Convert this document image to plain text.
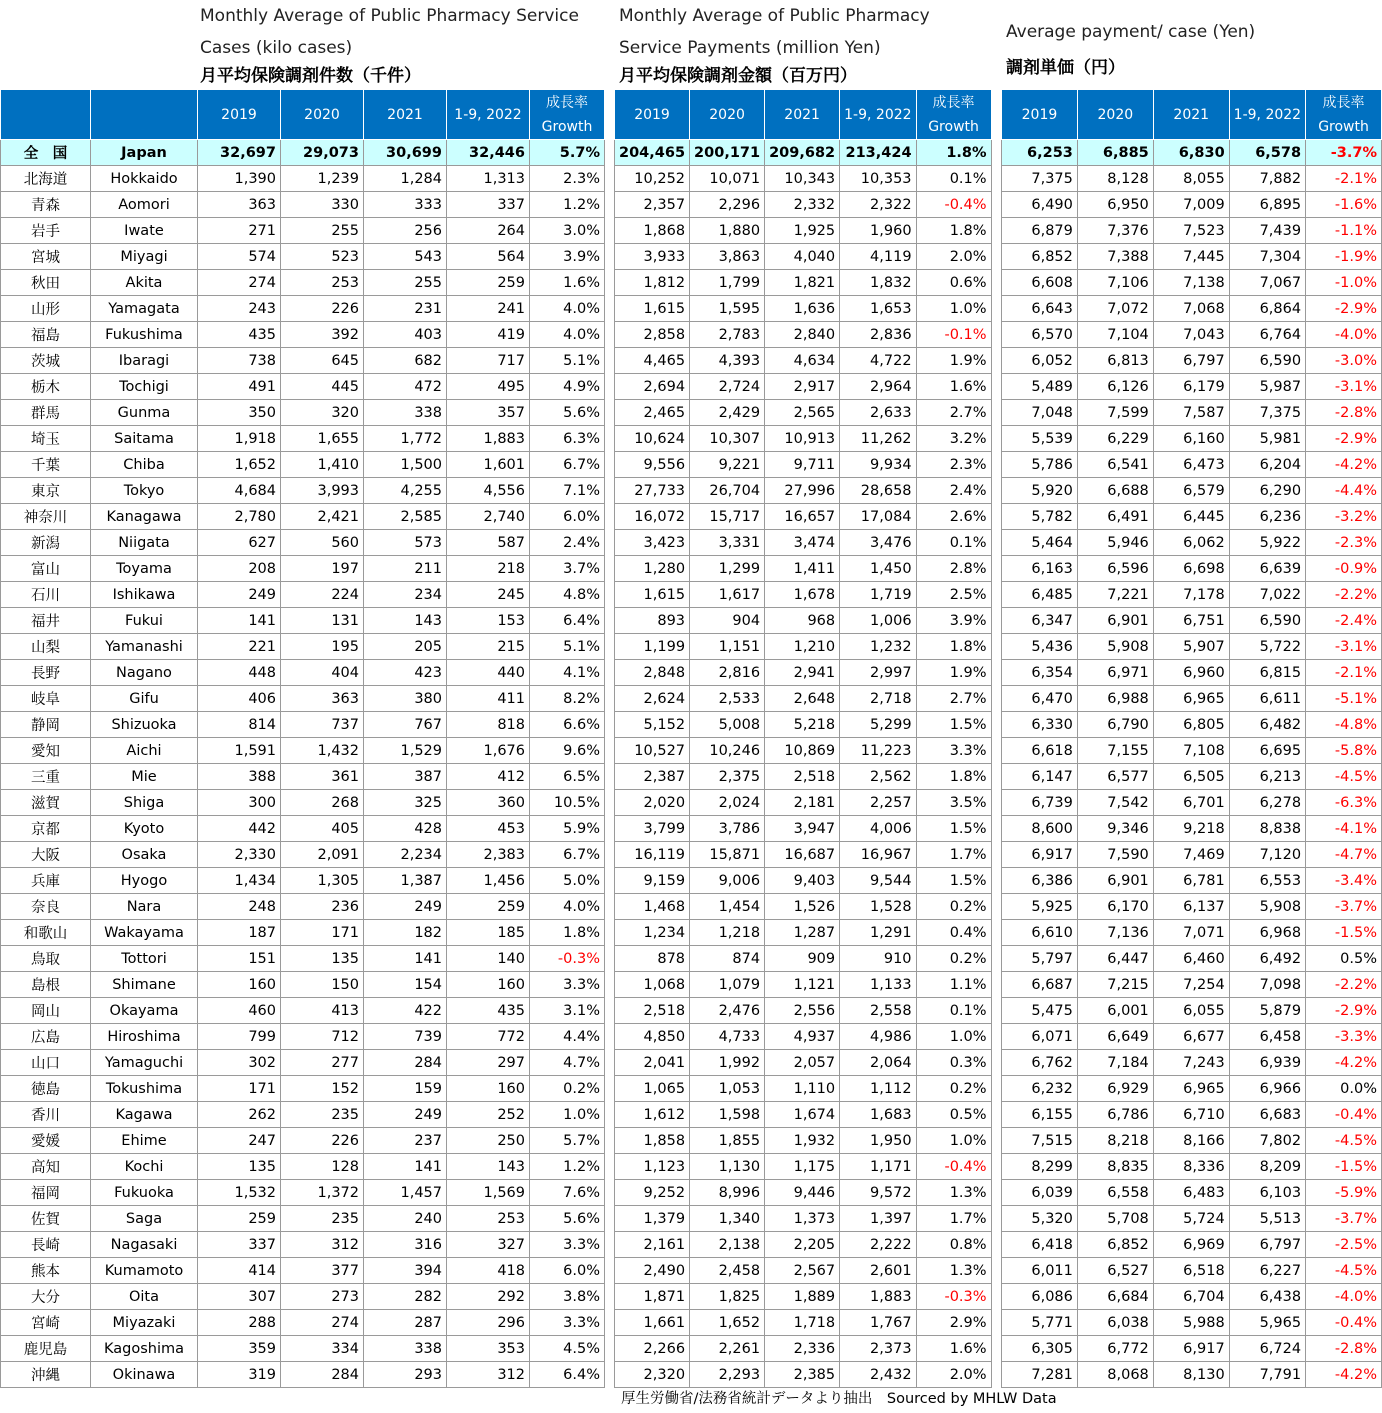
Monthly Average of Public Pharmacy Service Cases (kilo cases)
月平均保険調剤件数（千件）
Monthly Average of Public Pharmacy Service Payments (million Yen)
月平均保険調剤金額（百万円）
Average payment/ case (Yen)
調剤単価（円）
		2019	2020	2021	1-9, 2022	成長率
Growth
全　国	Japan	32,697	29,073	30,699	32,446	5.7%
北海道	Hokkaido	1,390	1,239	1,284	1,313	2.3%
青森	Aomori	363	330	333	337	1.2%
岩手	Iwate	271	255	256	264	3.0%
宮城	Miyagi	574	523	543	564	3.9%
秋田	Akita	274	253	255	259	1.6%
山形	Yamagata	243	226	231	241	4.0%
福島	Fukushima	435	392	403	419	4.0%
茨城	Ibaragi	738	645	682	717	5.1%
栃木	Tochigi	491	445	472	495	4.9%
群馬	Gunma	350	320	338	357	5.6%
埼玉	Saitama	1,918	1,655	1,772	1,883	6.3%
千葉	Chiba	1,652	1,410	1,500	1,601	6.7%
東京	Tokyo	4,684	3,993	4,255	4,556	7.1%
神奈川	Kanagawa	2,780	2,421	2,585	2,740	6.0%
新潟	Niigata	627	560	573	587	2.4%
富山	Toyama	208	197	211	218	3.7%
石川	Ishikawa	249	224	234	245	4.8%
福井	Fukui	141	131	143	153	6.4%
山梨	Yamanashi	221	195	205	215	5.1%
長野	Nagano	448	404	423	440	4.1%
岐阜	Gifu	406	363	380	411	8.2%
静岡	Shizuoka	814	737	767	818	6.6%
愛知	Aichi	1,591	1,432	1,529	1,676	9.6%
三重	Mie	388	361	387	412	6.5%
滋賀	Shiga	300	268	325	360	10.5%
京都	Kyoto	442	405	428	453	5.9%
大阪	Osaka	2,330	2,091	2,234	2,383	6.7%
兵庫	Hyogo	1,434	1,305	1,387	1,456	5.0%
奈良	Nara	248	236	249	259	4.0%
和歌山	Wakayama	187	171	182	185	1.8%
鳥取	Tottori	151	135	141	140	-0.3%
島根	Shimane	160	150	154	160	3.3%
岡山	Okayama	460	413	422	435	3.1%
広島	Hiroshima	799	712	739	772	4.4%
山口	Yamaguchi	302	277	284	297	4.7%
徳島	Tokushima	171	152	159	160	0.2%
香川	Kagawa	262	235	249	252	1.0%
愛媛	Ehime	247	226	237	250	5.7%
高知	Kochi	135	128	141	143	1.2%
福岡	Fukuoka	1,532	1,372	1,457	1,569	7.6%
佐賀	Saga	259	235	240	253	5.6%
長崎	Nagasaki	337	312	316	327	3.3%
熊本	Kumamoto	414	377	394	418	6.0%
大分	Oita	307	273	282	292	3.8%
宮崎	Miyazaki	288	274	287	296	3.3%
鹿児島	Kagoshima	359	334	338	353	4.5%
沖縄	Okinawa	319	284	293	312	6.4%
2019	2020	2021	1-9, 2022	成長率
Growth
204,465	200,171	209,682	213,424	1.8%
10,252	10,071	10,343	10,353	0.1%
2,357	2,296	2,332	2,322	-0.4%
1,868	1,880	1,925	1,960	1.8%
3,933	3,863	4,040	4,119	2.0%
1,812	1,799	1,821	1,832	0.6%
1,615	1,595	1,636	1,653	1.0%
2,858	2,783	2,840	2,836	-0.1%
4,465	4,393	4,634	4,722	1.9%
2,694	2,724	2,917	2,964	1.6%
2,465	2,429	2,565	2,633	2.7%
10,624	10,307	10,913	11,262	3.2%
9,556	9,221	9,711	9,934	2.3%
27,733	26,704	27,996	28,658	2.4%
16,072	15,717	16,657	17,084	2.6%
3,423	3,331	3,474	3,476	0.1%
1,280	1,299	1,411	1,450	2.8%
1,615	1,617	1,678	1,719	2.5%
893	904	968	1,006	3.9%
1,199	1,151	1,210	1,232	1.8%
2,848	2,816	2,941	2,997	1.9%
2,624	2,533	2,648	2,718	2.7%
5,152	5,008	5,218	5,299	1.5%
10,527	10,246	10,869	11,223	3.3%
2,387	2,375	2,518	2,562	1.8%
2,020	2,024	2,181	2,257	3.5%
3,799	3,786	3,947	4,006	1.5%
16,119	15,871	16,687	16,967	1.7%
9,159	9,006	9,403	9,544	1.5%
1,468	1,454	1,526	1,528	0.2%
1,234	1,218	1,287	1,291	0.4%
878	874	909	910	0.2%
1,068	1,079	1,121	1,133	1.1%
2,518	2,476	2,556	2,558	0.1%
4,850	4,733	4,937	4,986	1.0%
2,041	1,992	2,057	2,064	0.3%
1,065	1,053	1,110	1,112	0.2%
1,612	1,598	1,674	1,683	0.5%
1,858	1,855	1,932	1,950	1.0%
1,123	1,130	1,175	1,171	-0.4%
9,252	8,996	9,446	9,572	1.3%
1,379	1,340	1,373	1,397	1.7%
2,161	2,138	2,205	2,222	0.8%
2,490	2,458	2,567	2,601	1.3%
1,871	1,825	1,889	1,883	-0.3%
1,661	1,652	1,718	1,767	2.9%
2,266	2,261	2,336	2,373	1.6%
2,320	2,293	2,385	2,432	2.0%
2019	2020	2021	1-9, 2022	成長率
Growth
6,253	6,885	6,830	6,578	-3.7%
7,375	8,128	8,055	7,882	-2.1%
6,490	6,950	7,009	6,895	-1.6%
6,879	7,376	7,523	7,439	-1.1%
6,852	7,388	7,445	7,304	-1.9%
6,608	7,106	7,138	7,067	-1.0%
6,643	7,072	7,068	6,864	-2.9%
6,570	7,104	7,043	6,764	-4.0%
6,052	6,813	6,797	6,590	-3.0%
5,489	6,126	6,179	5,987	-3.1%
7,048	7,599	7,587	7,375	-2.8%
5,539	6,229	6,160	5,981	-2.9%
5,786	6,541	6,473	6,204	-4.2%
5,920	6,688	6,579	6,290	-4.4%
5,782	6,491	6,445	6,236	-3.2%
5,464	5,946	6,062	5,922	-2.3%
6,163	6,596	6,698	6,639	-0.9%
6,485	7,221	7,178	7,022	-2.2%
6,347	6,901	6,751	6,590	-2.4%
5,436	5,908	5,907	5,722	-3.1%
6,354	6,971	6,960	6,815	-2.1%
6,470	6,988	6,965	6,611	-5.1%
6,330	6,790	6,805	6,482	-4.8%
6,618	7,155	7,108	6,695	-5.8%
6,147	6,577	6,505	6,213	-4.5%
6,739	7,542	6,701	6,278	-6.3%
8,600	9,346	9,218	8,838	-4.1%
6,917	7,590	7,469	7,120	-4.7%
6,386	6,901	6,781	6,553	-3.4%
5,925	6,170	6,137	5,908	-3.7%
6,610	7,136	7,071	6,968	-1.5%
5,797	6,447	6,460	6,492	0.5%
6,687	7,215	7,254	7,098	-2.2%
5,475	6,001	6,055	5,879	-2.9%
6,071	6,649	6,677	6,458	-3.3%
6,762	7,184	7,243	6,939	-4.2%
6,232	6,929	6,965	6,966	0.0%
6,155	6,786	6,710	6,683	-0.4%
7,515	8,218	8,166	7,802	-4.5%
8,299	8,835	8,336	8,209	-1.5%
6,039	6,558	6,483	6,103	-5.9%
5,320	5,708	5,724	5,513	-3.7%
6,418	6,852	6,969	6,797	-2.5%
6,011	6,527	6,518	6,227	-4.5%
6,086	6,684	6,704	6,438	-4.0%
5,771	6,038	5,988	5,965	-0.4%
6,305	6,772	6,917	6,724	-2.8%
7,281	8,068	8,130	7,791	-4.2%
厚生労働省/法務省統計データより抽出　Sourced by MHLW Data
